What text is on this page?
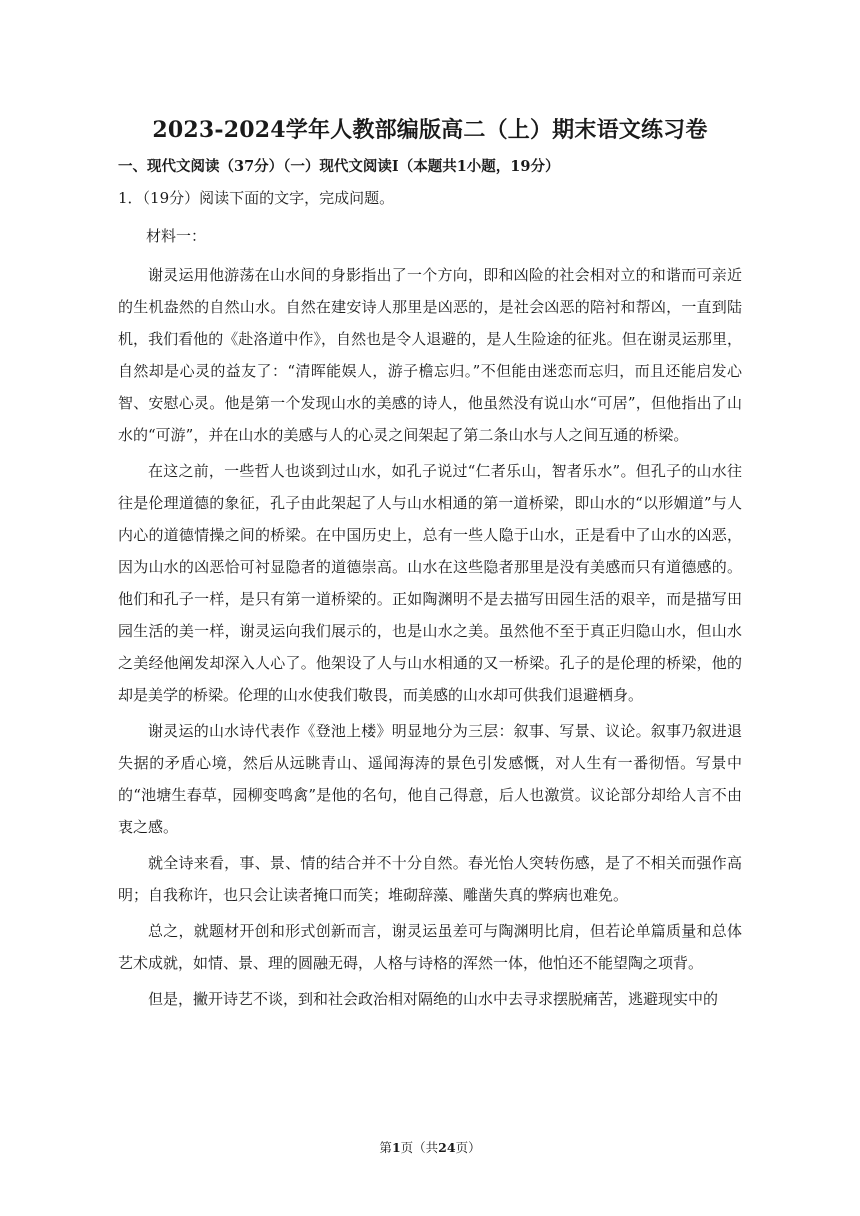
2023-2024学年人教部编版高二（上）期末语文练习卷
一、现代文阅读（37分）（一）现代文阅读Ⅰ（本题共1小题，19分）
1．（19分）阅读下面的文字，完成问题。
材料一：

谢灵运用他游荡在山水间的身影指出了一个方向，即和凶险的社会相对立的和谐而可亲近的生机盎然的自然山水。自然在建安诗人那里是凶恶的，是社会凶恶的陪衬和帮凶，一直到陆机，我们看他的《赴洛道中作》，自然也是令人退避的，是人生险途的征兆。但在谢灵运那里，自然却是心灵的益友了：“清晖能娱人，游子檐忘归。”不但能由迷恋而忘归，而且还能启发心智、安慰心灵。他是第一个发现山水的美感的诗人，他虽然没有说山水“可居”，但他指出了山水的“可游”，并在山水的美感与人的心灵之间架起了第二条山水与人之间互通的桥梁。

在这之前，一些哲人也谈到过山水，如孔子说过“仁者乐山，智者乐水”。但孔子的山水往往是伦理道德的象征，孔子由此架起了人与山水相通的第一道桥梁，即山水的“以形媚道”与人内心的道德情操之间的桥梁。在中国历史上，总有一些人隐于山水，正是看中了山水的凶恶，因为山水的凶恶恰可衬显隐者的道德崇高。山水在这些隐者那里是没有美感而只有道德感的。他们和孔子一样，是只有第一道桥梁的。正如陶渊明不是去描写田园生活的艰辛，而是描写田园生活的美一样，谢灵运向我们展示的，也是山水之美。虽然他不至于真正归隐山水，但山水之美经他阐发却深入人心了。他架设了人与山水相通的又一桥梁。孔子的是伦理的桥梁，他的却是美学的桥梁。伦理的山水使我们敬畏，而美感的山水却可供我们退避栖身。

谢灵运的山水诗代表作《登池上楼》明显地分为三层：叙事、写景、议论。叙事乃叙进退失据的矛盾心境，然后从远眺青山、遥闻海涛的景色引发感慨，对人生有一番彻悟。写景中的“池塘生春草，园柳变鸣禽”是他的名句，他自己得意，后人也激赏。议论部分却给人言不由衷之感。

就全诗来看，事、景、情的结合并不十分自然。春光怡人突转伤感，是了不相关而强作高明；自我称许，也只会让读者掩口而笑；堆砌辞藻、雕凿失真的弊病也难免。

总之，就题材开创和形式创新而言，谢灵运虽差可与陶渊明比肩，但若论单篇质量和总体艺术成就，如情、景、理的圆融无碍，人格与诗格的浑然一体，他怕还不能望陶之项背。

但是，撇开诗艺不谈，到和社会政治相对隔绝的山水中去寻求摆脱痛苦，逃避现实中的

第1页（共24页）
